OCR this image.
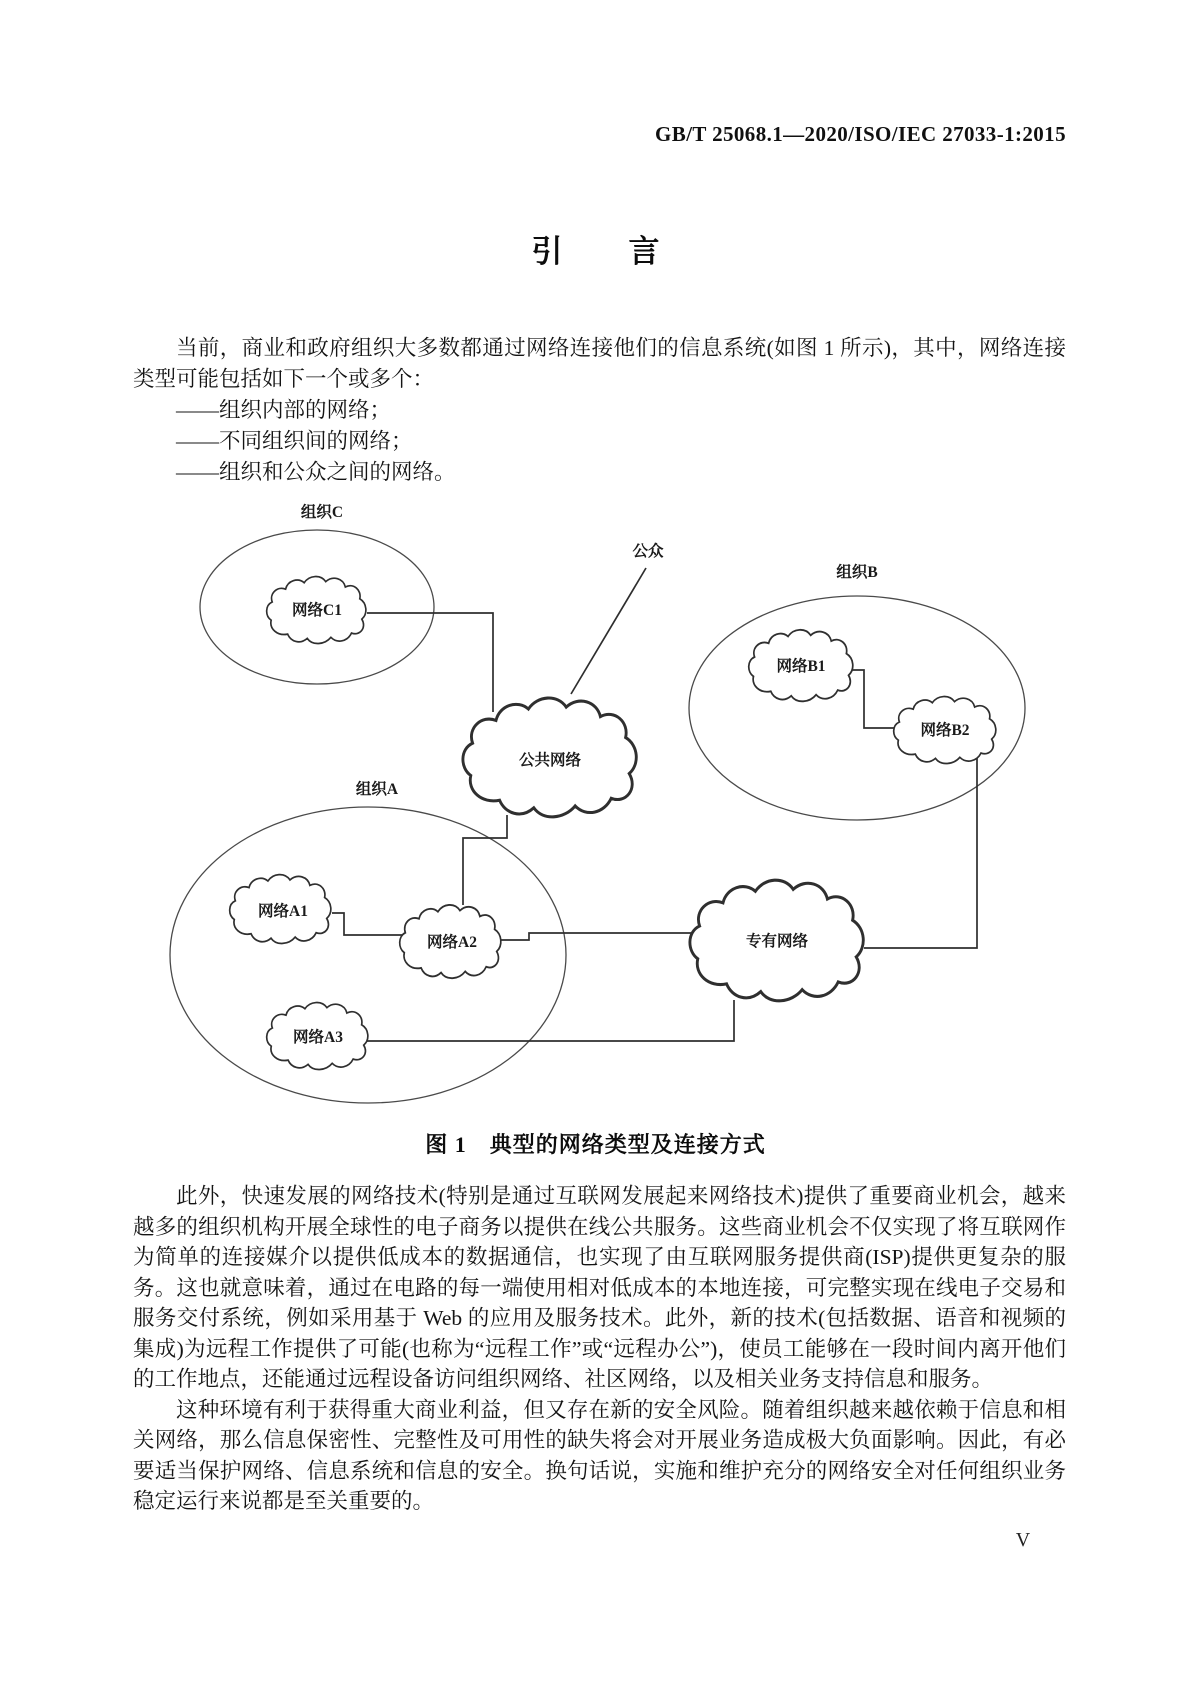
GB/T 25068.1—2020/ISO/IEC 27033-1:2015
引 言

当前，商业和政府组织大多数都通过网络连接他们的信息系统(如图 1 所示)，其中，网络连接类型可能包括如下一个或多个：

——组织内部的网络；
——不同组织间的网络；
——组织和公众之间的网络。
组织C
公众
组织B
组织A
网络C1
公共网络
网络B1
网络B2
网络A1
网络A2
网络A3
专有网络
图 1　典型的网络类型及连接方式

此外，快速发展的网络技术(特别是通过互联网发展起来网络技术)提供了重要商业机会，越来越多的组织机构开展全球性的电子商务以提供在线公共服务。这些商业机会不仅实现了将互联网作为简单的连接媒介以提供低成本的数据通信，也实现了由互联网服务提供商(ISP)提供更复杂的服务。这也就意味着，通过在电路的每一端使用相对低成本的本地连接，可完整实现在线电子交易和服务交付系统，例如采用基于 Web 的应用及服务技术。此外，新的技术(包括数据、语音和视频的集成)为远程工作提供了可能(也称为“远程工作”或“远程办公”)，使员工能够在一段时间内离开他们的工作地点，还能通过远程设备访问组织网络、社区网络，以及相关业务支持信息和服务。

这种环境有利于获得重大商业利益，但又存在新的安全风险。随着组织越来越依赖于信息和相关网络，那么信息保密性、完整性及可用性的缺失将会对开展业务造成极大负面影响。因此，有必要适当保护网络、信息系统和信息的安全。换句话说，实施和维护充分的网络安全对任何组织业务稳定运行来说都是至关重要的。

V
